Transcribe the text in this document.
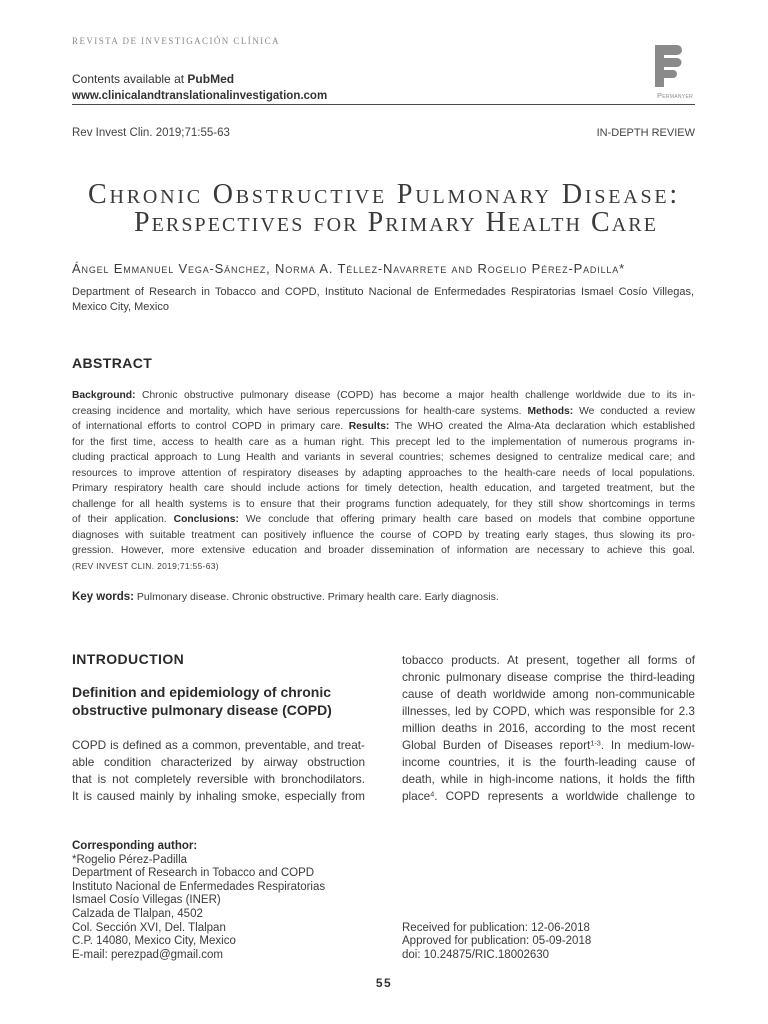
REVISTA DE INVESTIGACIÓN CLÍNICA
Contents available at PubMed
www.clinicalandtranslationalinvestigation.com	Permanyer
Rev Invest Clin. 2019;71:55-63	IN-DEPTH REVIEW
Chronic Obstructive Pulmonary Disease:
Perspectives for Primary Health Care
Ángel Emmanuel Vega-Sánchez, Norma A. Téllez-Navarrete and Rogelio Pérez-Padilla*
Department of Research in Tobacco and COPD, Instituto Nacional de Enfermedades Respiratorias Ismael Cosío Villegas,
Mexico City, Mexico
ABSTRACT
Background: Chronic obstructive pulmonary disease (COPD) has become a major health challenge worldwide due to its in-
creasing incidence and mortality, which have serious repercussions for health-care systems. Methods: We conducted a review
of international efforts to control COPD in primary care. Results: The WHO created the Alma-Ata declaration which established
for the first time, access to health care as a human right. This precept led to the implementation of numerous programs in-
cluding practical approach to Lung Health and variants in several countries; schemes designed to centralize medical care; and
resources to improve attention of respiratory diseases by adapting approaches to the health-care needs of local populations.
Primary respiratory health care should include actions for timely detection, health education, and targeted treatment, but the
challenge for all health systems is to ensure that their programs function adequately, for they still show shortcomings in terms
of their application. Conclusions: We conclude that offering primary health care based on models that combine opportune
diagnoses with suitable treatment can positively influence the course of COPD by treating early stages, thus slowing its pro-
gression. However, more extensive education and broader dissemination of information are necessary to achieve this goal.
(REV INVEST CLIN. 2019;71:55-63)
Key words: Pulmonary disease. Chronic obstructive. Primary health care. Early diagnosis.
INTRODUCTION
Definition and epidemiology of chronic
obstructive pulmonary disease (COPD)
COPD is defined as a common, preventable, and treat-
able condition characterized by airway obstruction
that is not completely reversible with bronchodilators.
It is caused mainly by inhaling smoke, especially from
tobacco products. At present, together all forms of
chronic pulmonary disease comprise the third-leading
cause of death worldwide among non-communicable
illnesses, led by COPD, which was responsible for 2.3
million deaths in 2016, according to the most recent
Global Burden of Diseases report$^{1-3}$. In medium-low-
income countries, it is the fourth-leading cause of
death, while in high-income nations, it holds the fifth
place$^4$. COPD represents a worldwide challenge to
Corresponding author:
*Rogelio Pérez-Padilla
Department of Research in Tobacco and COPD
Instituto Nacional de Enfermedades Respiratorias
Ismael Cosío Villegas (INER)
Calzada de Tlalpan, 4502
Col. Sección XVI, Del. Tlalpan
C.P. 14080, Mexico City, Mexico
E-mail: perezpad@gmail.com
Received for publication: 12-06-2018
Approved for publication: 05-09-2018
doi: 10.24875/RIC.18002630
55
